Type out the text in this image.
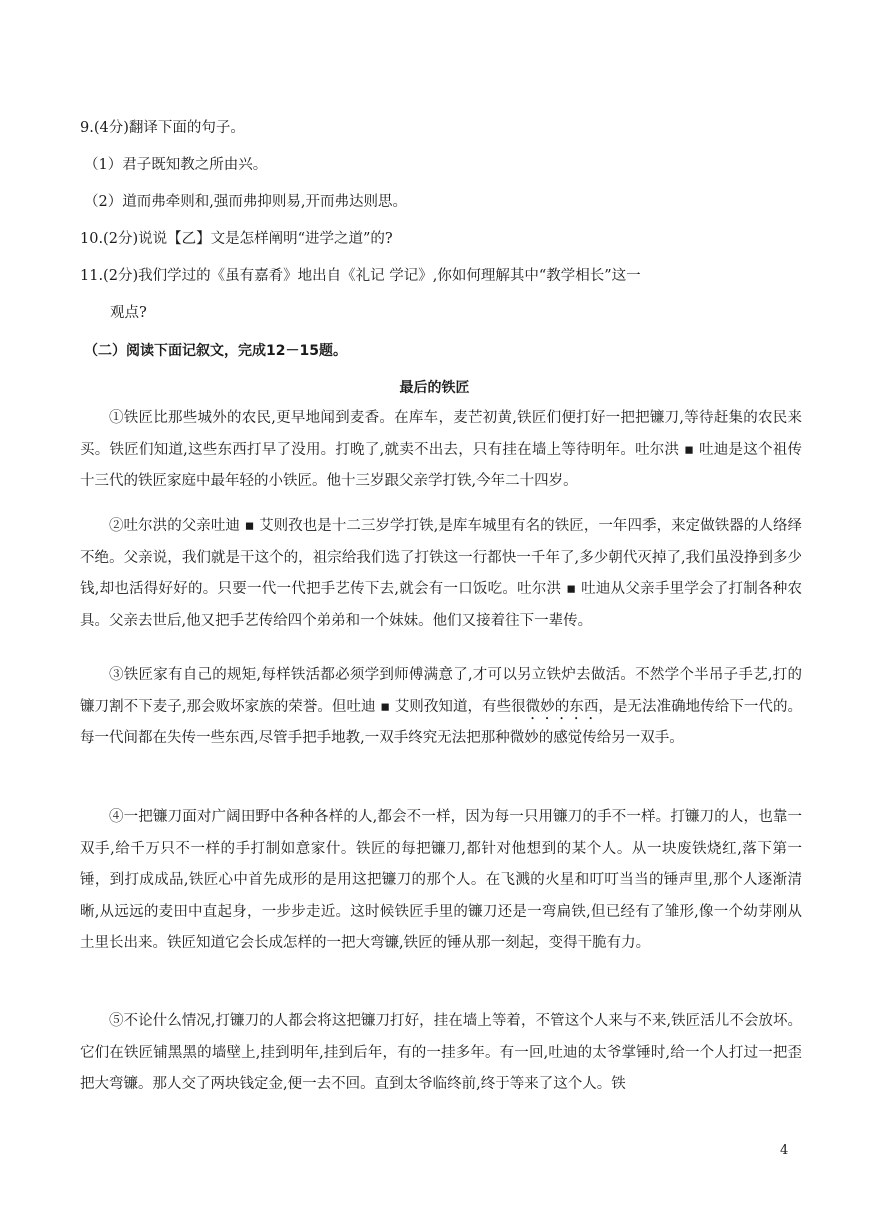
9.(4分)翻译下面的句子。
（1）君子既知教之所由兴。
（2）道而弗牵则和,强而弗抑则易,开而弗达则思。
10.(2分)说说【乙】文是怎样阐明“进学之道”的?
11.(2分)我们学过的《虽有嘉肴》地出自《礼记 学记》,你如何理解其中“教学相长”这一
观点?
（二）阅读下面记叙文，完成12－15题。
最后的铁匠

①铁匠比那些城外的农民,更早地闻到麦香。在库车，麦芒初黄,铁匠们便打好一把把镰刀,等待赶集的农民来买。铁匠们知道,这些东西打早了没用。打晚了,就卖不出去，只有挂在墙上等待明年。吐尔洪 ▪ 吐迪是这个祖传十三代的铁匠家庭中最年轻的小铁匠。他十三岁跟父亲学打铁,今年二十四岁。

②吐尔洪的父亲吐迪 ▪ 艾则孜也是十二三岁学打铁,是库车城里有名的铁匠，一年四季，来定做铁器的人络绎不绝。父亲说，我们就是干这个的，祖宗给我们选了打铁这一行都快一千年了,多少朝代灭掉了,我们虽没挣到多少钱,却也活得好好的。只要一代一代把手艺传下去,就会有一口饭吃。吐尔洪 ▪ 吐迪从父亲手里学会了打制各种农具。父亲去世后,他又把手艺传给四个弟弟和一个妹妹。他们又接着往下一辈传。

③铁匠家有自己的规矩,每样铁活都必须学到师傅满意了,才可以另立铁炉去做活。不然学个半吊子手艺,打的镰刀割不下麦子,那会败坏家族的荣誉。但吐迪 ▪ 艾则孜知道，有些很微妙的东西，是无法准确地传给下一代的。每一代间都在失传一些东西,尽管手把手地教,一双手终究无法把那种微妙的感觉传给另一双手。

④一把镰刀面对广阔田野中各种各样的人,都会不一样，因为每一只用镰刀的手不一样。打镰刀的人，也靠一双手,给千万只不一样的手打制如意家什。铁匠的每把镰刀,都针对他想到的某个人。从一块废铁烧红,落下第一锤，到打成成品,铁匠心中首先成形的是用这把镰刀的那个人。在飞溅的火星和叮叮当当的锤声里,那个人逐渐清晰,从远远的麦田中直起身，一步步走近。这时候铁匠手里的镰刀还是一弯扁铁,但已经有了雏形,像一个幼芽刚从土里长出来。铁匠知道它会长成怎样的一把大弯镰,铁匠的锤从那一刻起，变得干脆有力。

⑤不论什么情况,打镰刀的人都会将这把镰刀打好，挂在墙上等着，不管这个人来与不来,铁匠活儿不会放坏。它们在铁匠铺黑黑的墙壁上,挂到明年,挂到后年，有的一挂多年。有一回,吐迪的太爷掌锤时,给一个人打过一把歪把大弯镰。那人交了两块钱定金,便一去不回。直到太爷临终前,终于等来了这个人。铁

4
